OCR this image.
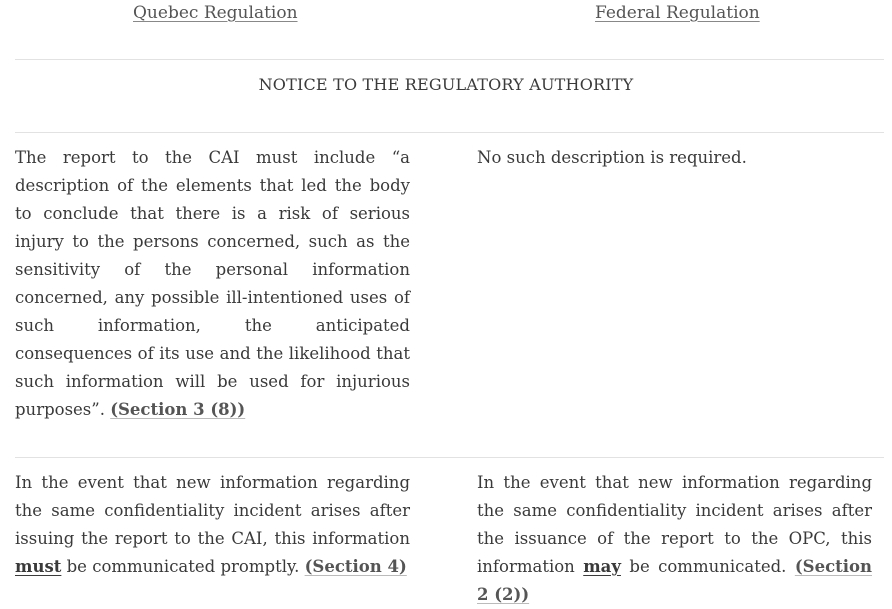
Quebec Regulation	Federal Regulation
NOTICE TO THE REGULATORY AUTHORITY
The report to the CAI must include “a description of the elements that led the body to conclude that there is a risk of serious injury to the persons concerned, such as the sensitivity of the personal information concerned, any possible ill-intentioned uses of such information, the anticipated consequences of its use and the likelihood that such information will be used for injurious purposes”. (Section 3 (8))
No such description is required.
In the event that new information regarding the same confidentiality incident arises after issuing the report to the CAI, this information must be communicated promptly. (Section 4)
In the event that new information regarding the same confidentiality incident arises after the issuance of the report to the OPC, this information may be communicated. (Section 2 (2))
